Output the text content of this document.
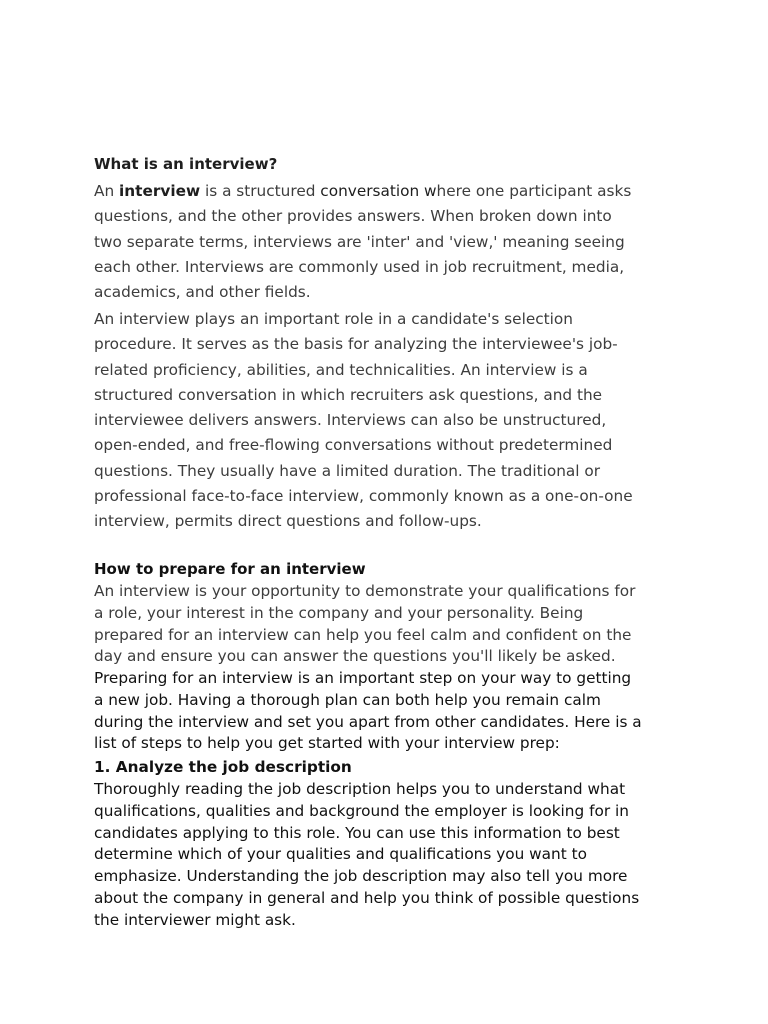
What is an interview?

An interview is a structured conversation where one participant asks
questions, and the other provides answers. When broken down into
two separate terms, interviews are 'inter' and 'view,' meaning seeing
each other. Interviews are commonly used in job recruitment, media,
academics, and other fields.

An interview plays an important role in a candidate's selection
procedure. It serves as the basis for analyzing the interviewee's job-
related proficiency, abilities, and technicalities. An interview is a
structured conversation in which recruiters ask questions, and the
interviewee delivers answers. Interviews can also be unstructured,
open-ended, and free-flowing conversations without predetermined
questions. They usually have a limited duration. The traditional or
professional face-to-face interview, commonly known as a one-on-one
interview, permits direct questions and follow-ups.

How to prepare for an interview

An interview is your opportunity to demonstrate your qualifications for
a role, your interest in the company and your personality. Being
prepared for an interview can help you feel calm and confident on the
day and ensure you can answer the questions you'll likely be asked.

Preparing for an interview is an important step on your way to getting
a new job. Having a thorough plan can both help you remain calm
during the interview and set you apart from other candidates. Here is a
list of steps to help you get started with your interview prep:

1. Analyze the job description

Thoroughly reading the job description helps you to understand what
qualifications, qualities and background the employer is looking for in
candidates applying to this role. You can use this information to best
determine which of your qualities and qualifications you want to
emphasize. Understanding the job description may also tell you more
about the company in general and help you think of possible questions
the interviewer might ask.
